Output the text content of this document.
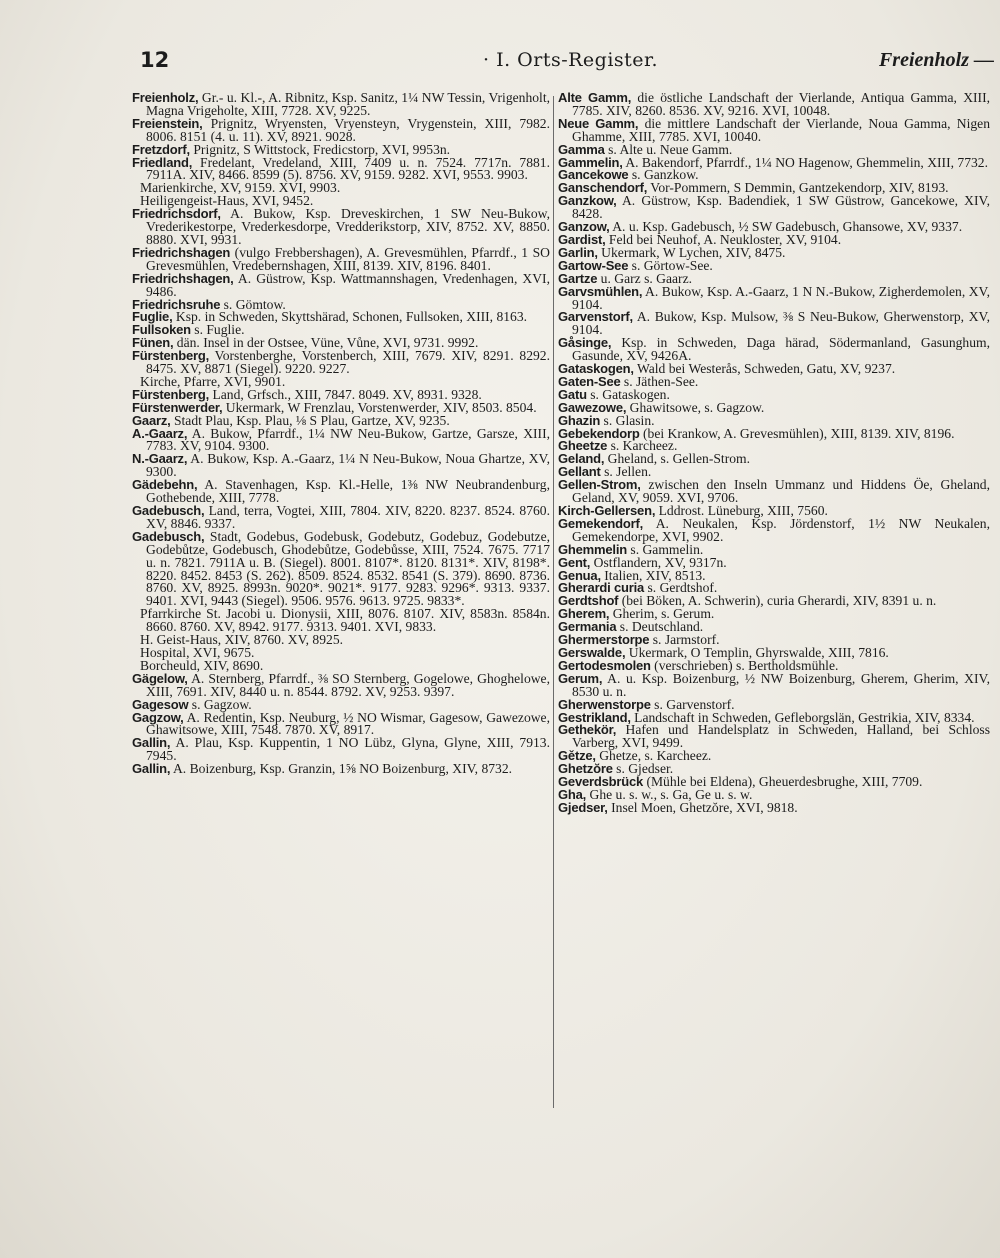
12	· I. Orts-Register.	Freienholz —
Freienholz, Gr.- u. Kl.-, A. Ribnitz, Ksp. Sanitz, 1¼ NW Tessin, Vrigenholt, Magna Vrigeholte, XIII, 7728. XV, 9225.
Freienstein, Prignitz, Wryensten, Vryensteyn, Vrygenstein, XIII, 7982. 8006. 8151 (4. u. 11). XV, 8921. 9028.
Fretzdorf, Prignitz, S Wittstock, Fredicstorp, XVI, 9953n.
Friedland, Fredelant, Vredeland, XIII, 7409 u. n. 7524. 7717n. 7881. 7911A. XIV, 8466. 8599 (5). 8756. XV, 9159. 9282. XVI, 9553. 9903.
Marienkirche, XV, 9159. XVI, 9903.
Heiligengeist-Haus, XVI, 9452.
Friedrichsdorf, A. Bukow, Ksp. Dreveskirchen, 1 SW Neu-Bukow, Vrederikestorpe, Vrederkesdorpe, Vredderikstorp, XIV, 8752. XV, 8850. 8880. XVI, 9931.
Friedrichshagen (vulgo Frebbershagen), A. Grevesmühlen, Pfarrdf., 1 SO Grevesmühlen, Vredebernshagen, XIII, 8139. XIV, 8196. 8401.
Friedrichshagen, A. Güstrow, Ksp. Wattmannshagen, Vredenhagen, XVI, 9486.
Friedrichsruhe s. Gömtow.
Fuglie, Ksp. in Schweden, Skyttshärad, Schonen, Fullsoken, XIII, 8163.
Fullsoken s. Fuglie.
Fünen, dän. Insel in der Ostsee, Vüne, Vůne, XVI, 9731. 9992.
Fürstenberg, Vorstenberghe, Vorstenberch, XIII, 7679. XIV, 8291. 8292. 8475. XV, 8871 (Siegel). 9220. 9227.
Kirche, Pfarre, XVI, 9901.
Fürstenberg, Land, Grfsch., XIII, 7847. 8049. XV, 8931. 9328.
Fürstenwerder, Ukermark, W Frenzlau, Vorstenwerder, XIV, 8503. 8504.
Gaarz, Stadt Plau, Ksp. Plau, ⅛ S Plau, Gartze, XV, 9235.
A.-Gaarz, A. Bukow, Pfarrdf., 1¼ NW Neu-Bukow, Gartze, Garsze, XIII, 7783. XV, 9104. 9300.
N.-Gaarz, A. Bukow, Ksp. A.-Gaarz, 1¼ N Neu-Bukow, Noua Ghartze, XV, 9300.
Gädebehn, A. Stavenhagen, Ksp. Kl.-Helle, 1⅜ NW Neubrandenburg, Gothebende, XIII, 7778.
Gadebusch, Land, terra, Vogtei, XIII, 7804. XIV, 8220. 8237. 8524. 8760. XV, 8846. 9337.
Gadebusch, Stadt, Godebus, Godebusk, Godebutz, Godebuz, Godebutze, Godebůtze, Godebusch, Ghodebůtze, Godebůsse, XIII, 7524. 7675. 7717 u. n. 7821. 7911A u. B. (Siegel). 8001. 8107*. 8120. 8131*. XIV, 8198*. 8220. 8452. 8453 (S. 262). 8509. 8524. 8532. 8541 (S. 379). 8690. 8736. 8760. XV, 8925. 8993n. 9020*. 9021*. 9177. 9283. 9296*. 9313. 9337. 9401. XVI, 9443 (Siegel). 9506. 9576. 9613. 9725. 9833*.
Pfarrkirche St. Jacobi u. Dionysii, XIII, 8076. 8107. XIV, 8583n. 8584n. 8660. 8760. XV, 8942. 9177. 9313. 9401. XVI, 9833.
H. Geist-Haus, XIV, 8760. XV, 8925.
Hospital, XVI, 9675.
Borcheuld, XIV, 8690.
Gägelow, A. Sternberg, Pfarrdf., ⅜ SO Sternberg, Gogelowe, Ghoghelowe, XIII, 7691. XIV, 8440 u. n. 8544. 8792. XV, 9253. 9397.
Gagesow s. Gagzow.
Gagzow, A. Redentin, Ksp. Neuburg, ½ NO Wismar, Gagesow, Gawezowe, Ghawitsowe, XIII, 7548. 7870. XV, 8917.
Gallin, A. Plau, Ksp. Kuppentin, 1 NO Lübz, Glyna, Glyne, XIII, 7913. 7945.
Gallin, A. Boizenburg, Ksp. Granzin, 1⅝ NO Boizenburg, XIV, 8732.
Alte Gamm, die östliche Landschaft der Vierlande, Antiqua Gamma, XIII, 7785. XIV, 8260. 8536. XV, 9216. XVI, 10048.
Neue Gamm, die mittlere Landschaft der Vierlande, Noua Gamma, Nigen Ghamme, XIII, 7785. XVI, 10040.
Gamma s. Alte u. Neue Gamm.
Gammelin, A. Bakendorf, Pfarrdf., 1¼ NO Hagenow, Ghemmelin, XIII, 7732.
Gancekowe s. Ganzkow.
Ganschendorf, Vor-Pommern, S Demmin, Gantzekendorp, XIV, 8193.
Ganzkow, A. Güstrow, Ksp. Badendiek, 1 SW Güstrow, Gancekowe, XIV, 8428.
Ganzow, A. u. Ksp. Gadebusch, ½ SW Gadebusch, Ghansowe, XV, 9337.
Gardist, Feld bei Neuhof, A. Neukloster, XV, 9104.
Garlin, Ukermark, W Lychen, XIV, 8475.
Gartow-See s. Görtow-See.
Gartze u. Garz s. Gaarz.
Garvsmühlen, A. Bukow, Ksp. A.-Gaarz, 1 N N.-Bukow, Zigherdemolen, XV, 9104.
Garvenstorf, A. Bukow, Ksp. Mulsow, ⅜ S Neu-Bukow, Gherwenstorp, XV, 9104.
Gåsinge, Ksp. in Schweden, Daga härad, Södermanland, Gasunghum, Gasunde, XV, 9426A.
Gataskogen, Wald bei Westerås, Schweden, Gatu, XV, 9237.
Gaten-See s. Jäthen-See.
Gatu s. Gataskogen.
Gawezowe, Ghawitsowe, s. Gagzow.
Ghazin s. Glasin.
Gebekendorp (bei Krankow, A. Grevesmühlen), XIII, 8139. XIV, 8196.
Gheetze s. Karcheez.
Geland, Gheland, s. Gellen-Strom.
Gellant s. Jellen.
Gellen-Strom, zwischen den Inseln Ummanz und Hiddens Öe, Gheland, Geland, XV, 9059. XVI, 9706.
Kirch-Gellersen, Lddrost. Lüneburg, XIII, 7560.
Gemekendorf, A. Neukalen, Ksp. Jördenstorf, 1½ NW Neukalen, Gemekendorpe, XVI, 9902.
Ghemmelin s. Gammelin.
Gent, Ostflandern, XV, 9317n.
Genua, Italien, XIV, 8513.
Gherardi curia s. Gerdtshof.
Gerdtshof (bei Böken, A. Schwerin), curia Gherardi, XIV, 8391 u. n.
Gherem, Gherim, s. Gerum.
Germania s. Deutschland.
Ghermerstorpe s. Jarmstorf.
Gerswalde, Ukermark, O Templin, Ghyrswalde, XIII, 7816.
Gertodesmolen (verschrieben) s. Bertholdsmühle.
Gerum, A. u. Ksp. Boizenburg, ½ NW Boizenburg, Gherem, Gherim, XIV, 8530 u. n.
Gherwenstorpe s. Garvenstorf.
Gestrikland, Landschaft in Schweden, Gefleborgslän, Gestrikia, XIV, 8334.
Gethekör, Hafen und Handelsplatz in Schweden, Halland, bei Schloss Varberg, XVI, 9499.
Gětze, Ghetze, s. Karcheez.
Ghetzŏre s. Gjedser.
Geverdsbrück (Mühle bei Eldena), Gheuerdesbrughe, XIII, 7709.
Gha, Ghe u. s. w., s. Ga, Ge u. s. w.
Gjedser, Insel Moen, Ghetzŏre, XVI, 9818.
